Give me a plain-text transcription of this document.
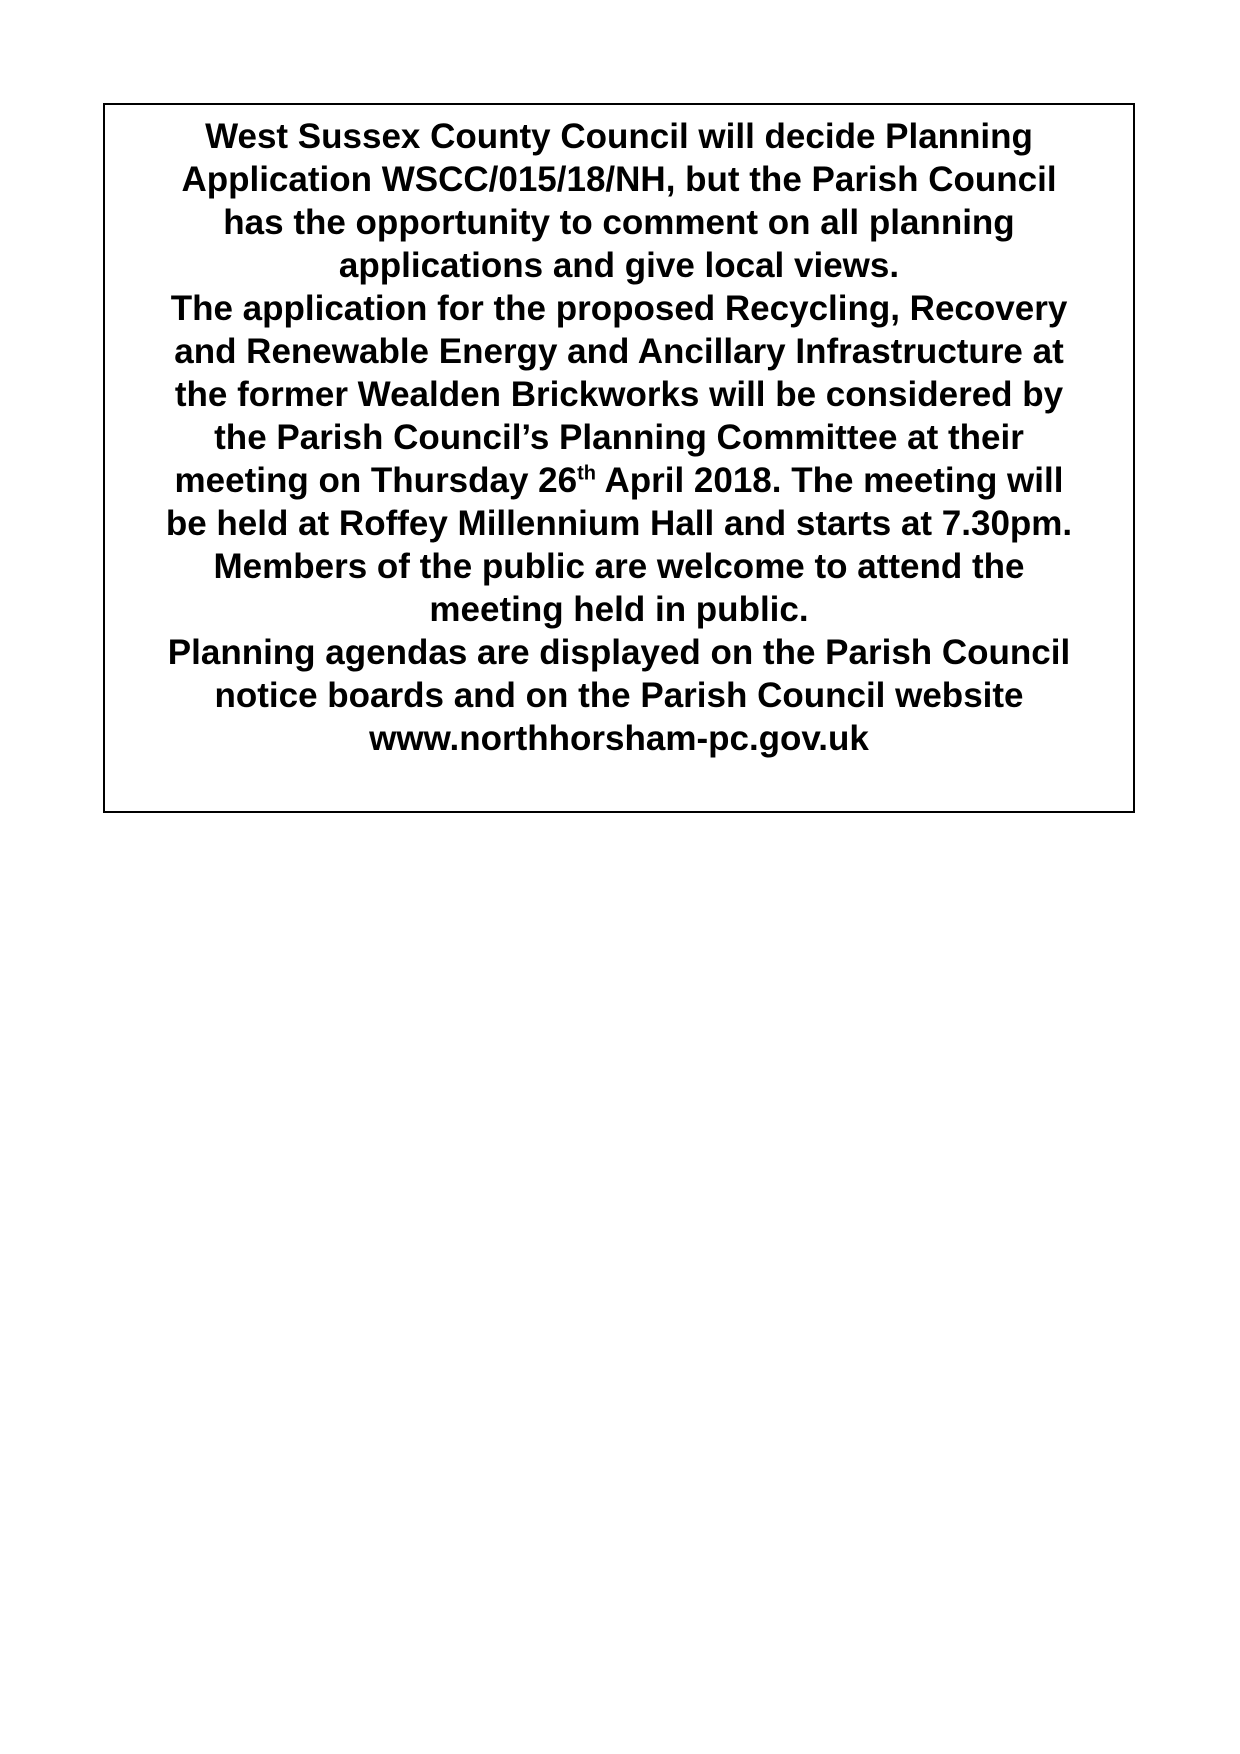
West Sussex County Council will decide Planning
Application WSCC/015/18/NH, but the Parish Council
has the opportunity to comment on all planning
applications and give local views.
The application for the proposed Recycling, Recovery
and Renewable Energy and Ancillary Infrastructure at
the former Wealden Brickworks will be considered by
the Parish Council’s Planning Committee at their
meeting on Thursday 26th April 2018. The meeting will
be held at Roffey Millennium Hall and starts at 7.30pm.
Members of the public are welcome to attend the
meeting held in public.
Planning agendas are displayed on the Parish Council
notice boards and on the Parish Council website
www.northhorsham-pc.gov.uk
